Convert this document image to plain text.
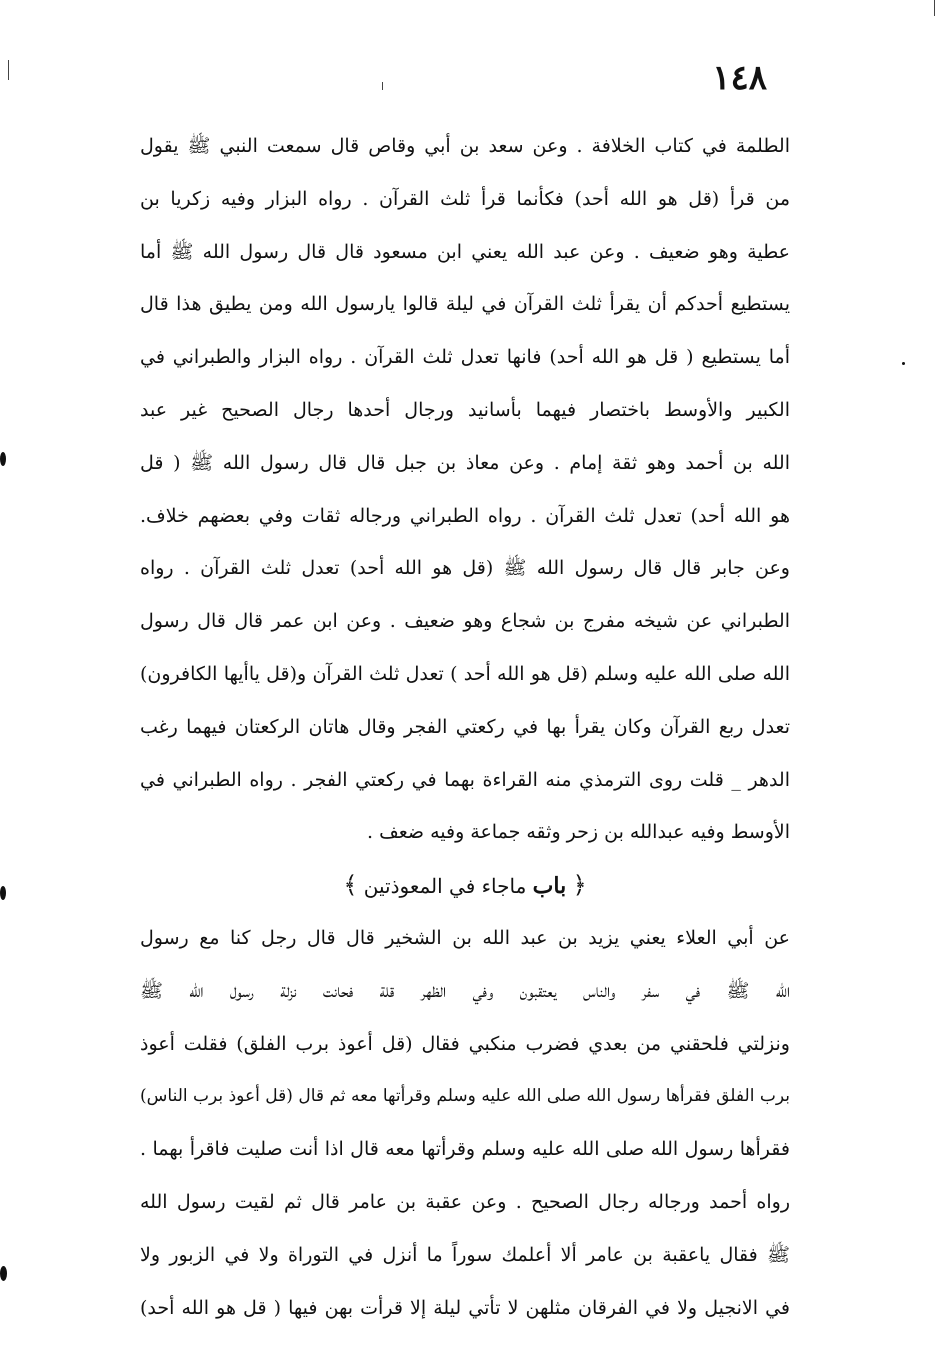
١٤٨
الطلمة في كتاب الخلافة . وعن سعد بن أبي وقاص قال سمعت النبي ﷺ يقول
من قرأ (قل هو الله أحد) فكأنما قرأ ثلث القرآن . رواه البزار وفيه زكريا بن
عطية وهو ضعيف . وعن عبد الله يعني ابن مسعود قال قال رسول الله ﷺ أما
يستطيع أحدكم أن يقرأ ثلث القرآن في ليلة قالوا يارسول الله ومن يطيق هذا قال
أما يستطيع ( قل هو الله أحد) فانها تعدل ثلث القرآن . رواه البزار والطبراني في
الكبير والأوسط باختصار فيهما بأسانيد ورجال أحدها رجال الصحيح غير عبد
الله بن أحمد وهو ثقة إمام . وعن معاذ بن جبل قال قال رسول الله ﷺ ( قل
هو الله أحد) تعدل ثلث القرآن . رواه الطبراني ورجاله ثقات وفي بعضهم خلاف.
وعن جابر قال قال رسول الله ﷺ (قل هو الله أحد) تعدل ثلث القرآن . رواه
الطبراني عن شيخه مفرج بن شجاع وهو ضعيف . وعن ابن عمر قال قال رسول
الله صلى الله عليه وسلم (قل هو الله أحد ) تعدل ثلث القرآن و(قل ياأيها الكافرون)
تعدل ربع القرآن وكان يقرأ بها في ركعتي الفجر وقال هاتان الركعتان فيهما رغب
الدهر _ قلت روى الترمذي منه القراءة بهما في ركعتي الفجر . رواه الطبراني في
الأوسط وفيه عبدالله بن زحر وثقه جماعة وفيه ضعف .
﴿ باب ماجاء في المعوذتين ﴾
عن أبي العلاء يعني يزيد بن عبد الله بن الشخير قال قال رجل كنا مع رسول
الله ﷺ في سفر والناس يعتقبون وفي الظهر قلة فحانت نزلة رسول الله ﷺ
ونزلتي فلحقني من بعدي فضرب منكبي فقال (قل أعوذ برب الفلق) فقلت أعوذ
برب الفلق فقرأها رسول الله صلى الله عليه وسلم وقرأتها معه ثم قال (قل أعوذ برب الناس)
فقرأها رسول الله صلى الله عليه وسلم وقرأتها معه قال اذا أنت صليت فاقرأ بهما .
رواه أحمد ورجاله رجال الصحيح . وعن عقبة بن عامر قال ثم لقيت رسول الله
ﷺ فقال ياعقبة بن عامر ألا أعلمك سوراً ما أنزل في التوراة ولا في الزبور ولا
في الانجيل ولا في الفرقان مثلهن لا تأتي ليلة إلا قرأت بهن فيها ( قل هو الله أحد)
